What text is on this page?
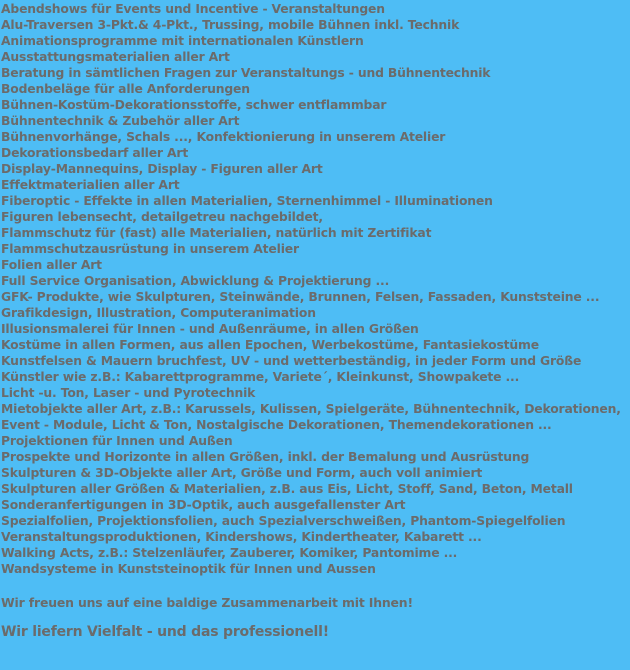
Abendshows für Events und Incentive - Veranstaltungen
Alu-Traversen 3-Pkt.& 4-Pkt., Trussing, mobile Bühnen inkl. Technik
Animationsprogramme mit internationalen Künstlern
Ausstattungsmaterialien aller Art
Beratung in sämtlichen Fragen zur Veranstaltungs - und Bühnentechnik
Bodenbeläge für alle Anforderungen
Bühnen-Kostüm-Dekorationsstoffe, schwer entflammbar
Bühnentechnik & Zubehör aller Art
Bühnenvorhänge, Schals ..., Konfektionierung in unserem Atelier
Dekorationsbedarf aller Art
Display-Mannequins, Display - Figuren aller Art
Effektmaterialien aller Art
Fiberoptic - Effekte in allen Materialien, Sternenhimmel - Illuminationen
Figuren lebensecht, detailgetreu nachgebildet,
Flammschutz für (fast) alle Materialien, natürlich mit Zertifikat
Flammschutzausrüstung in unserem Atelier
Folien aller Art
Full Service Organisation, Abwicklung & Projektierung ...
GFK- Produkte, wie Skulpturen, Steinwände, Brunnen, Felsen, Fassaden, Kunststeine ...
Grafikdesign, Illustration, Computeranimation
Illusionsmalerei für Innen - und Außenräume, in allen Größen
Kostüme in allen Formen, aus allen Epochen, Werbekostüme, Fantasiekostüme
Kunstfelsen & Mauern bruchfest, UV - und wetterbeständig, in jeder Form und Größe
Künstler wie z.B.: Kabarettprogramme, Variete´, Kleinkunst, Showpakete ...
Licht -u. Ton, Laser - und Pyrotechnik
Mietobjekte aller Art, z.B.: Karussels, Kulissen, Spielgeräte, Bühnentechnik, Dekorationen,
Event - Module, Licht & Ton, Nostalgische Dekorationen, Themendekorationen ...
Projektionen für Innen und Außen
Prospekte und Horizonte in allen Größen, inkl. der Bemalung und Ausrüstung
Skulpturen & 3D-Objekte aller Art, Größe und Form, auch voll animiert
Skulpturen aller Größen & Materialien, z.B. aus Eis, Licht, Stoff, Sand, Beton, Metall
Sonderanfertigungen in 3D-Optik, auch ausgefallenster Art
Spezialfolien, Projektionsfolien, auch Spezialverschweißen, Phantom-Spiegelfolien
Veranstaltungsproduktionen, Kindershows, Kindertheater, Kabarett ...
Walking Acts, z.B.: Stelzenläufer, Zauberer, Komiker, Pantomime ...
Wandsysteme in Kunststeinoptik für Innen und Aussen

Wir freuen uns auf eine baldige Zusammenarbeit mit Ihnen!

Wir liefern Vielfalt - und das professionell!
